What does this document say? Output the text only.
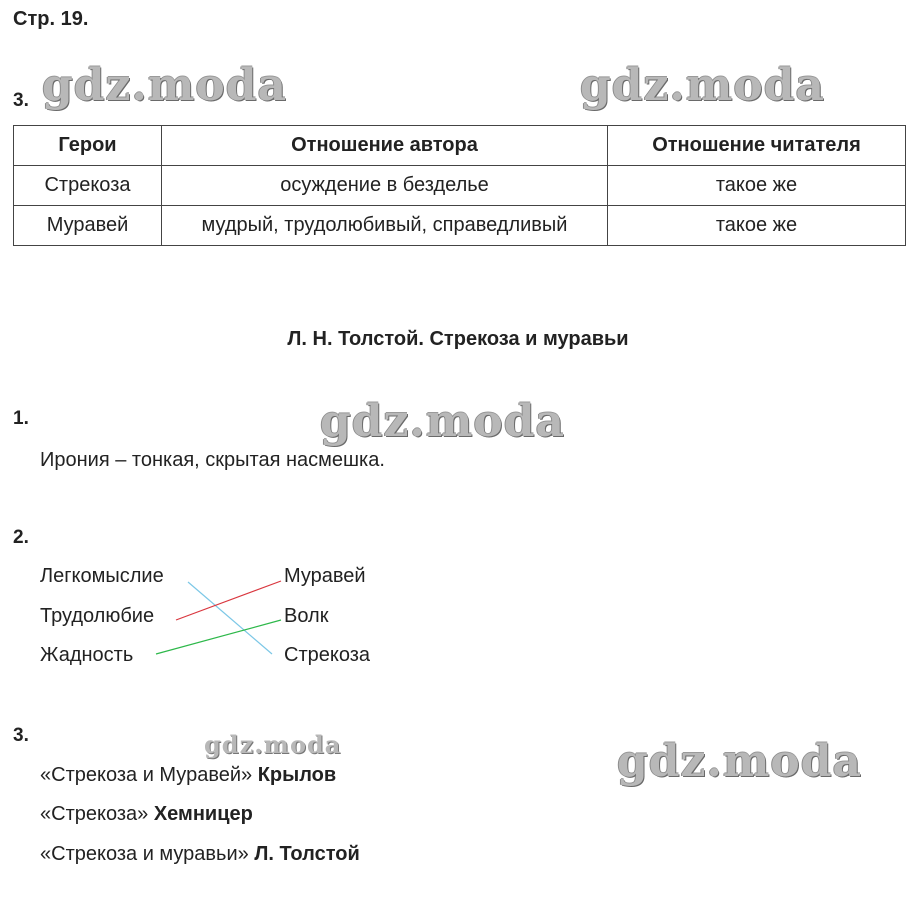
Стр. 19.
gdz.moda	gdz.moda
gdz.moda
gdz.moda	gdz.moda
3.
Герои	Отношение автора	Отношение читателя
Стрекоза	осуждение в безделье	такое же
Муравей	мудрый, трудолюбивый, справедливый	такое же
Л. Н. Толстой. Стрекоза и муравьи
1.
Ирония – тонкая, скрытая насмешка.
2.
Легкомыслие
Трудолюбие
Жадность
Муравей
Волк
Стрекоза
3.
«Стрекоза и Муравей» Крылов
«Стрекоза» Хемницер
«Стрекоза и муравьи» Л. Толстой
